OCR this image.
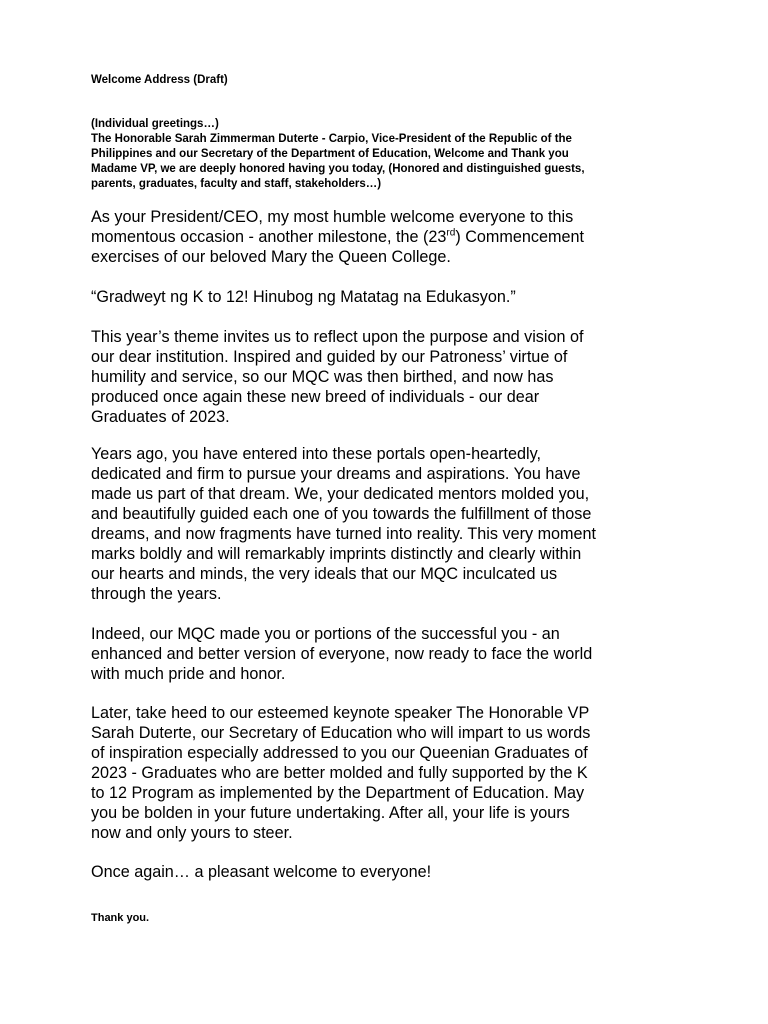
Welcome Address (Draft)

(Individual greetings…)
The Honorable Sarah Zimmerman Duterte - Carpio, Vice-President of the Republic of the
Philippines and our Secretary of the Department of Education, Welcome and Thank you
Madame VP, we are deeply honored having you today, (Honored and distinguished guests,
parents, graduates, faculty and staff, stakeholders…)
As your President/CEO, my most humble welcome everyone to this
momentous occasion - another milestone, the (23rd) Commencement
exercises of our beloved Mary the Queen College.
“Gradweyt ng K to 12! Hinubog ng Matatag na Edukasyon.”
This year’s theme invites us to reflect upon the purpose and vision of
our dear institution. Inspired and guided by our Patroness’ virtue of
humility and service, so our MQC was then birthed, and now has
produced once again these new breed of individuals - our dear
Graduates of 2023.
Years ago, you have entered into these portals open-heartedly,
dedicated and firm to pursue your dreams and aspirations. You have
made us part of that dream. We, your dedicated mentors molded you,
and beautifully guided each one of you towards the fulfillment of those
dreams, and now fragments have turned into reality. This very moment
marks boldly and will remarkably imprints distinctly and clearly within
our hearts and minds, the very ideals that our MQC inculcated us
through the years.
Indeed, our MQC made you or portions of the successful you - an
enhanced and better version of everyone, now ready to face the world
with much pride and honor.
Later, take heed to our esteemed keynote speaker The Honorable VP
Sarah Duterte, our Secretary of Education who will impart to us words
of inspiration especially addressed to you our Queenian Graduates of
2023 - Graduates who are better molded and fully supported by the K
to 12 Program as implemented by the Department of Education. May
you be bolden in your future undertaking. After all, your life is yours
now and only yours to steer.
Once again… a pleasant welcome to everyone!

Thank you.
